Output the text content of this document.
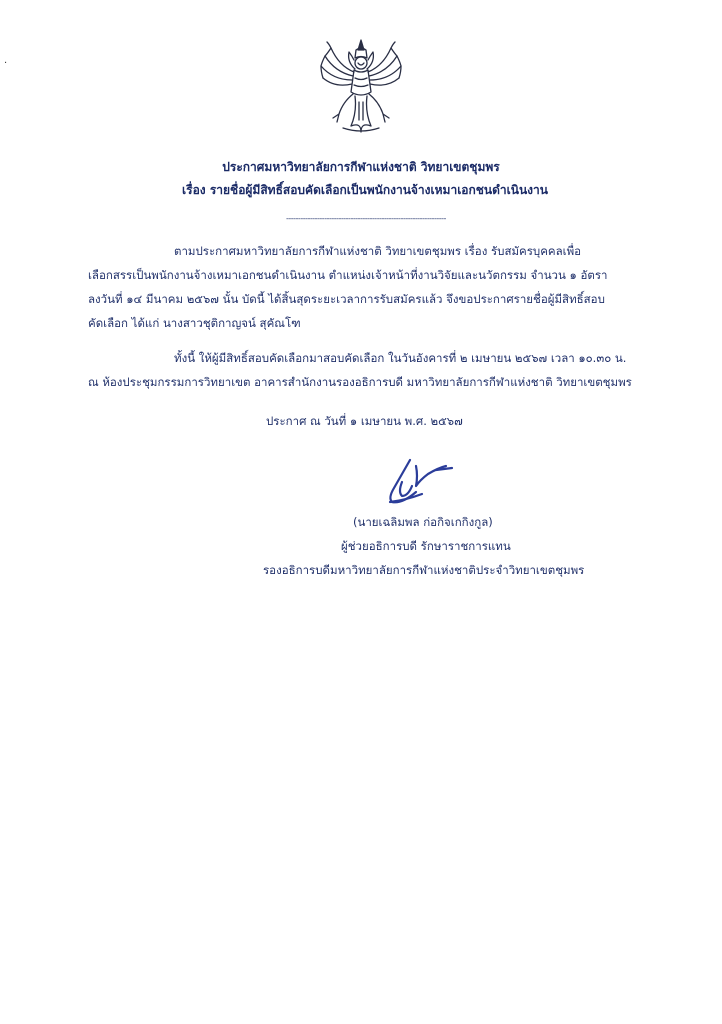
·
ประกาศมหาวิทยาลัยการกีฬาแห่งชาติ วิทยาเขตชุมพร
เรื่อง รายชื่อผู้มีสิทธิ์สอบคัดเลือกเป็นพนักงานจ้างเหมาเอกชนดำเนินงาน
-------------------------------------------------------------------
ตามประกาศมหาวิทยาลัยการกีฬาแห่งชาติ วิทยาเขตชุมพร เรื่อง รับสมัครบุคคลเพื่อ
เลือกสรรเป็นพนักงานจ้างเหมาเอกชนดำเนินงาน ตำแหน่งเจ้าหน้าที่งานวิจัยและนวัตกรรม จำนวน ๑ อัตรา
ลงวันที่ ๑๔ มีนาคม ๒๕๖๗ นั้น บัดนี้ ได้สิ้นสุดระยะเวลาการรับสมัครแล้ว จึงขอประกาศรายชื่อผู้มีสิทธิ์สอบ
คัดเลือก ได้แก่ นางสาวชุติกาญจน์ สุคัณโฑ
ทั้งนี้ ให้ผู้มีสิทธิ์สอบคัดเลือกมาสอบคัดเลือก ในวันอังคารที่ ๒ เมษายน ๒๕๖๗ เวลา ๑๐.๓๐ น.
ณ ห้องประชุมกรรมการวิทยาเขต อาคารสำนักงานรองอธิการบดี มหาวิทยาลัยการกีฬาแห่งชาติ วิทยาเขตชุมพร
ประกาศ ณ วันที่ ๑ เมษายน พ.ศ. ๒๕๖๗
(นายเฉลิมพล ก่อกิจเกกิงกูล)
ผู้ช่วยอธิการบดี รักษาราชการแทน
รองอธิการบดีมหาวิทยาลัยการกีฬาแห่งชาติประจำวิทยาเขตชุมพร
